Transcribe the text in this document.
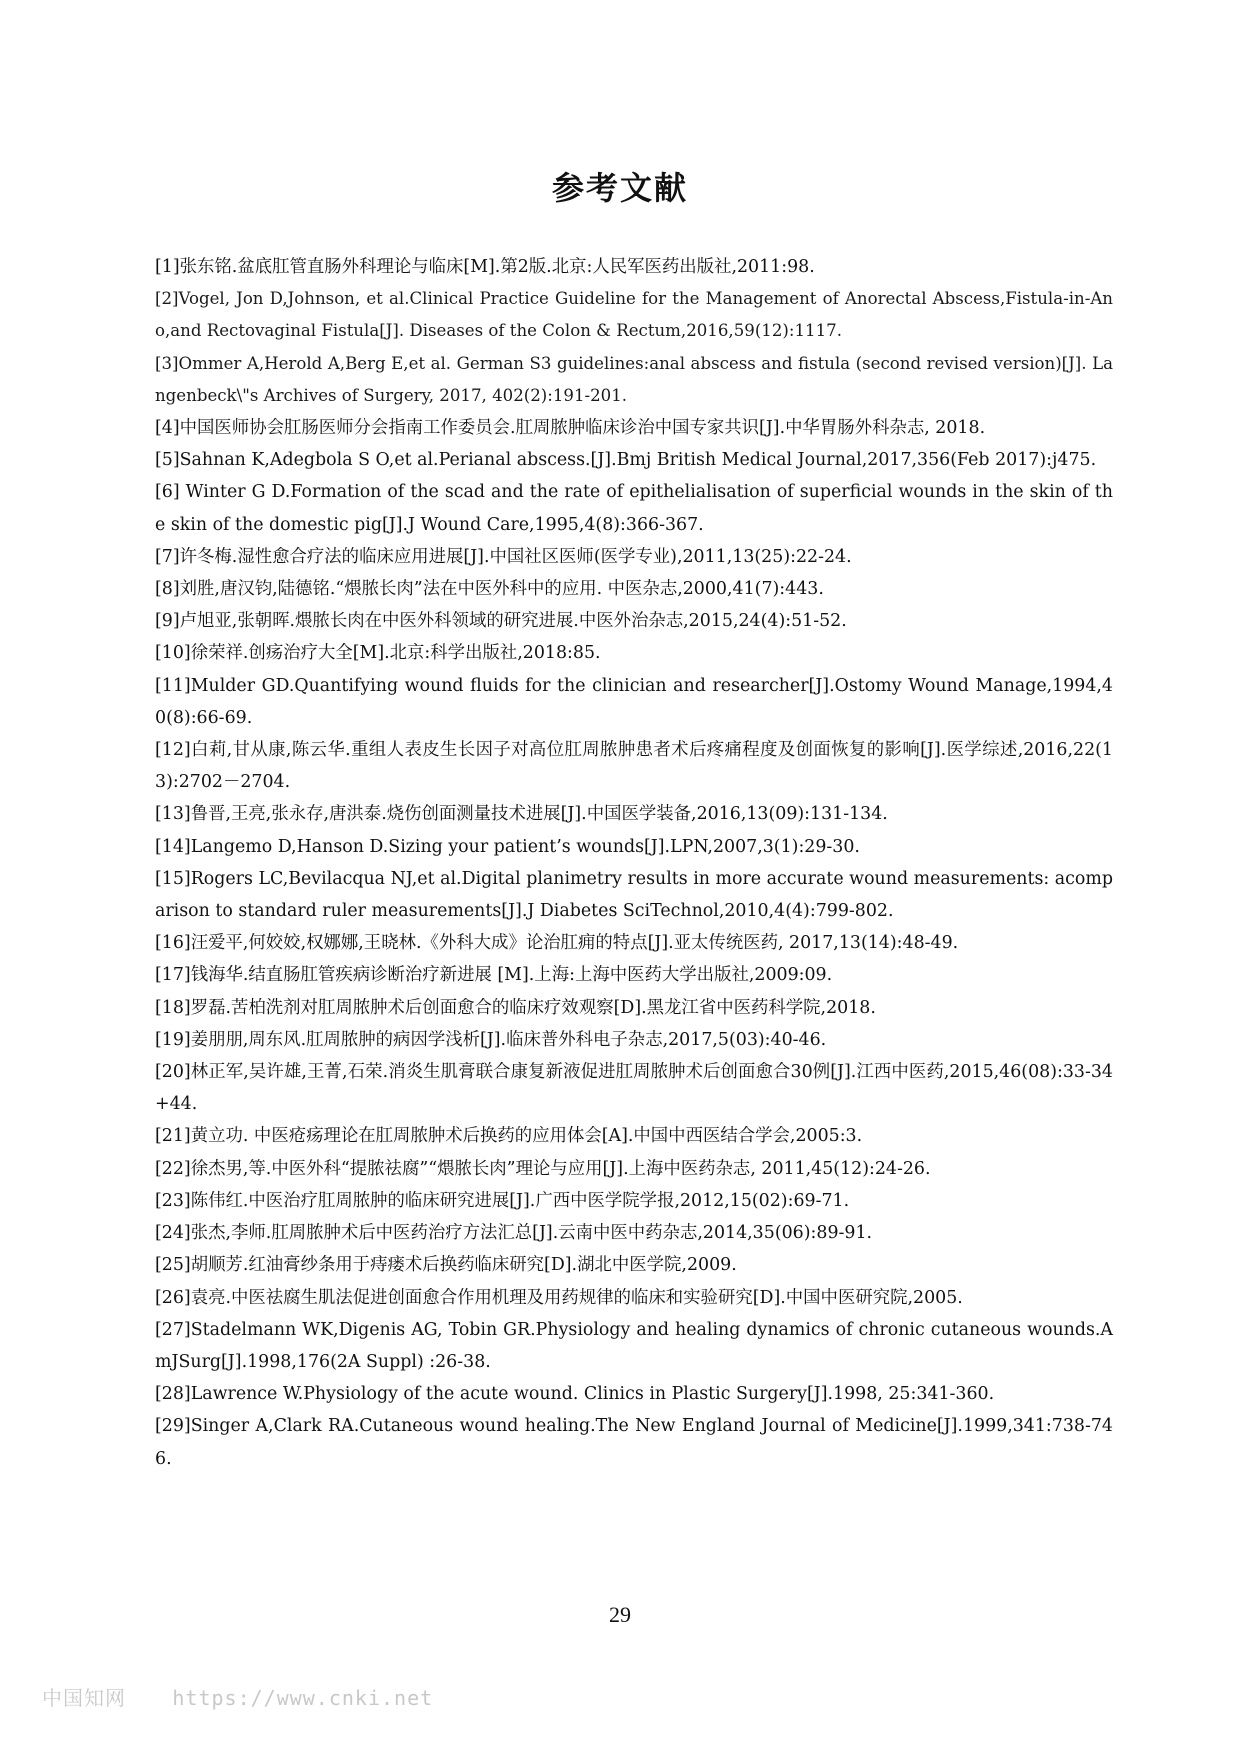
参考文献
[1]张东铭.盆底肛管直肠外科理论与临床[M].第2版.北京:人民军医药出版社,2011:98.
[2]Vogel, Jon D,Johnson, et al.Clinical Practice Guideline for the Management of Anorectal Abscess,Fistula-in-Ano,and Rectovaginal Fistula[J]. Diseases of the Colon & Rectum,2016,59(12):1117.
[3]Ommer A,Herold A,Berg E,et al. German S3 guidelines:anal abscess and fistula (second revised version)[J]. Langenbeck\"s Archives of Surgery, 2017, 402(2):191-201.
[4]中国医师协会肛肠医师分会指南工作委员会.肛周脓肿临床诊治中国专家共识[J].中华胃肠外科杂志, 2018.
[5]Sahnan K,Adegbola S O,et al.Perianal abscess.[J].Bmj British Medical Journal,2017,356(Feb 2017):j475.
[6] Winter G D.Formation of the scad and the rate of epithelialisation of superficial wounds in the skin of the skin of the domestic pig[J].J Wound Care,1995,4(8):366-367.
[7]许冬梅.湿性愈合疗法的临床应用进展[J].中国社区医师(医学专业),2011,13(25):22-24.
[8]刘胜,唐汉钧,陆德铭.“煨脓长肉”法在中医外科中的应用. 中医杂志,2000,41(7):443.
[9]卢旭亚,张朝晖.煨脓长肉在中医外科领域的研究进展.中医外治杂志,2015,24(4):51-52.
[10]徐荣祥.创疡治疗大全[M].北京:科学出版社,2018:85.
[11]Mulder GD.Quantifying wound fluids for the clinician and researcher[J].Ostomy Wound Manage,1994,40(8):66-69.
[12]白莉,甘从康,陈云华.重组人表皮生长因子对高位肛周脓肿患者术后疼痛程度及创面恢复的影响[J].医学综述,2016,22(13):2702－2704.
[13]鲁晋,王亮,张永存,唐洪泰.烧伤创面测量技术进展[J].中国医学装备,2016,13(09):131-134.
[14]Langemo D,Hanson D.Sizing your patient’s wounds[J].LPN,2007,3(1):29-30.
[15]Rogers LC,Bevilacqua NJ,et al.Digital planimetry results in more accurate wound measurements: acomparison to standard ruler measurements[J].J Diabetes SciTechnol,2010,4(4):799-802.
[16]汪爱平,何姣姣,权娜娜,王晓林.《外科大成》论治肛痈的特点[J].亚太传统医药, 2017,13(14):48-49.
[17]钱海华.结直肠肛管疾病诊断治疗新进展 [M].上海:上海中医药大学出版社,2009:09.
[18]罗磊.苦柏洗剂对肛周脓肿术后创面愈合的临床疗效观察[D].黑龙江省中医药科学院,2018.
[19]姜朋朋,周东风.肛周脓肿的病因学浅析[J].临床普外科电子杂志,2017,5(03):40-46.
[20]林正军,吴许雄,王菁,石荣.消炎生肌膏联合康复新液促进肛周脓肿术后创面愈合30例[J].江西中医药,2015,46(08):33-34+44.
[21]黄立功. 中医疮疡理论在肛周脓肿术后换药的应用体会[A].中国中西医结合学会,2005:3.
[22]徐杰男,等.中医外科“提脓祛腐”“煨脓长肉”理论与应用[J].上海中医药杂志, 2011,45(12):24-26.
[23]陈伟红.中医治疗肛周脓肿的临床研究进展[J].广西中医学院学报,2012,15(02):69-71.
[24]张杰,李师.肛周脓肿术后中医药治疗方法汇总[J].云南中医中药杂志,2014,35(06):89-91.
[25]胡顺芳.红油膏纱条用于痔瘘术后换药临床研究[D].湖北中医学院,2009.
[26]袁亮.中医祛腐生肌法促进创面愈合作用机理及用药规律的临床和实验研究[D].中国中医研究院,2005.
[27]Stadelmann WK,Digenis AG, Tobin GR.Physiology and healing dynamics of chronic cutaneous wounds.AmJSurg[J].1998,176(2A Suppl) :26-38.
[28]Lawrence W.Physiology of the acute wound. Clinics in Plastic Surgery[J].1998, 25:341-360.
[29]Singer A,Clark RA.Cutaneous wound healing.The New England Journal of Medicine[J].1999,341:738-746.
29
中国知网 https://www.cnki.net
